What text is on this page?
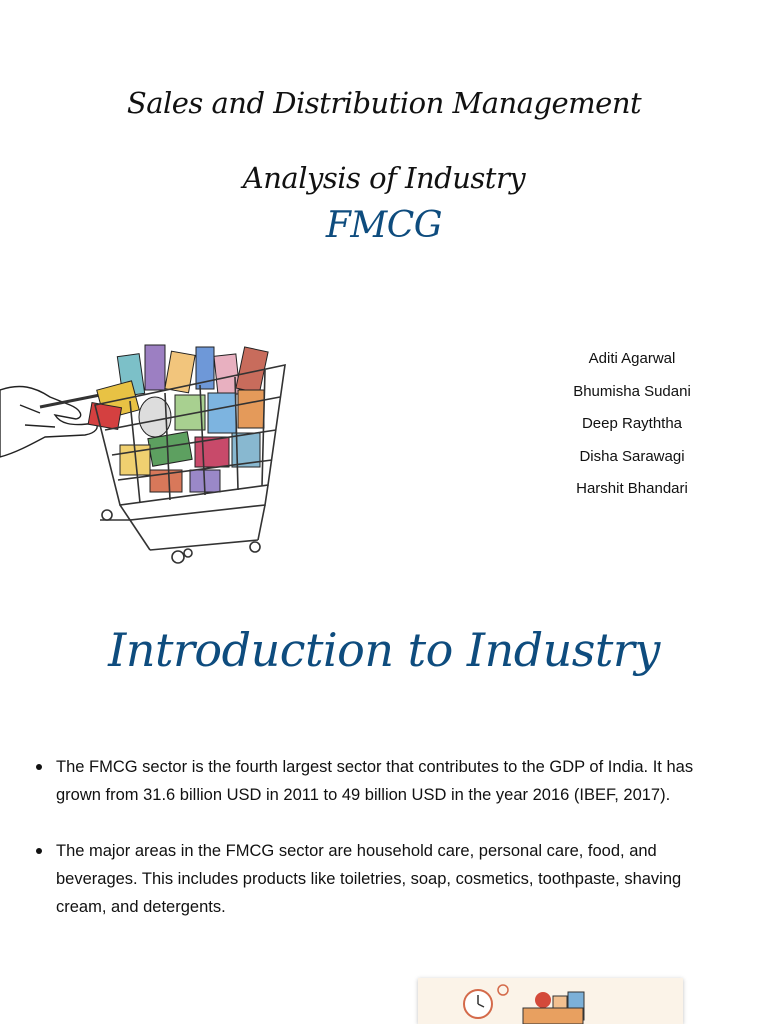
Sales and Distribution Management
Analysis of Industry
FMCG
Aditi Agarwal
Bhumisha Sudani
Deep Rayththa
Disha Sarawagi
Harshit Bhandari
Introduction to Industry
The FMCG sector is the fourth largest sector that contributes to the GDP of India. It has grown from 31.6 billion USD in 2011 to 49 billion USD in the year 2016 (IBEF, 2017).
The major areas in the FMCG sector are household care, personal care, food, and beverages. This includes products like toiletries, soap, cosmetics, toothpaste, shaving cream, and detergents.
